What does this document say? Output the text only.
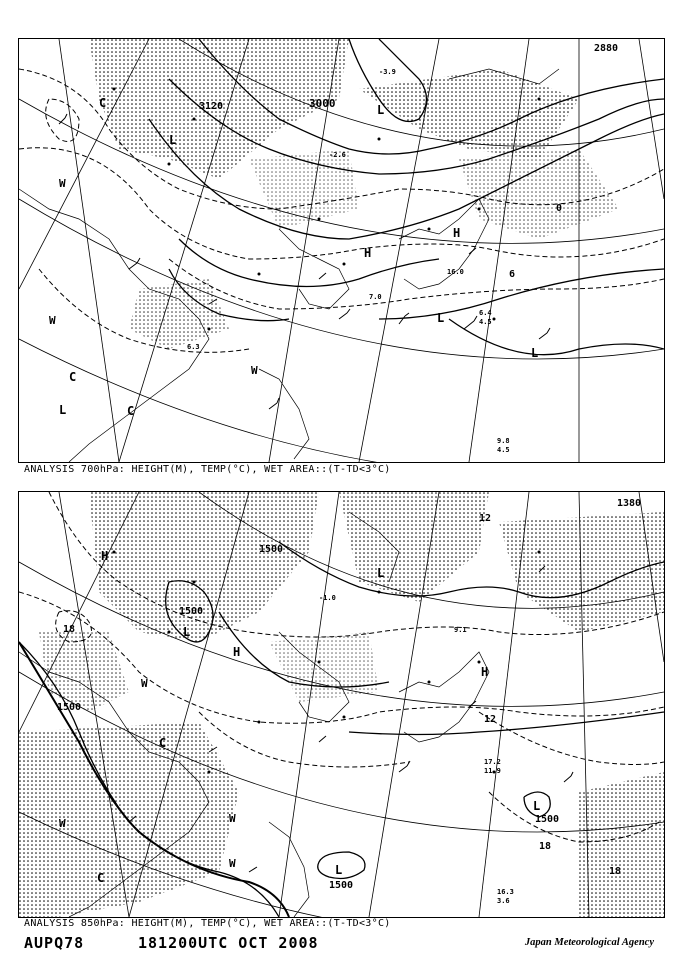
3000
2880
3120
0
6
L
L
L
L
L
H
H
C
C
C
W
W
W
9.8
4.5
6.4
4.5
16.0
7.0
6.3
-2.6
-3.9
ANALYSIS 700hPa: HEIGHT(M), TEMP(°C), WET AREA::(T-TD<3°C)
1500
1500
1500
1500
1500
1380
12
12
18
18
18
L
L
L
L
H
H
H
C
C
W
W	W
W
17.2
11.9
16.3
3.6
9.1
-1.0
ANALYSIS 850hPa: HEIGHT(M), TEMP(°C), WET AREA::(T-TD<3°C)
AUPQ78	181200UTC OCT 2008	Japan Meteorological Agency
